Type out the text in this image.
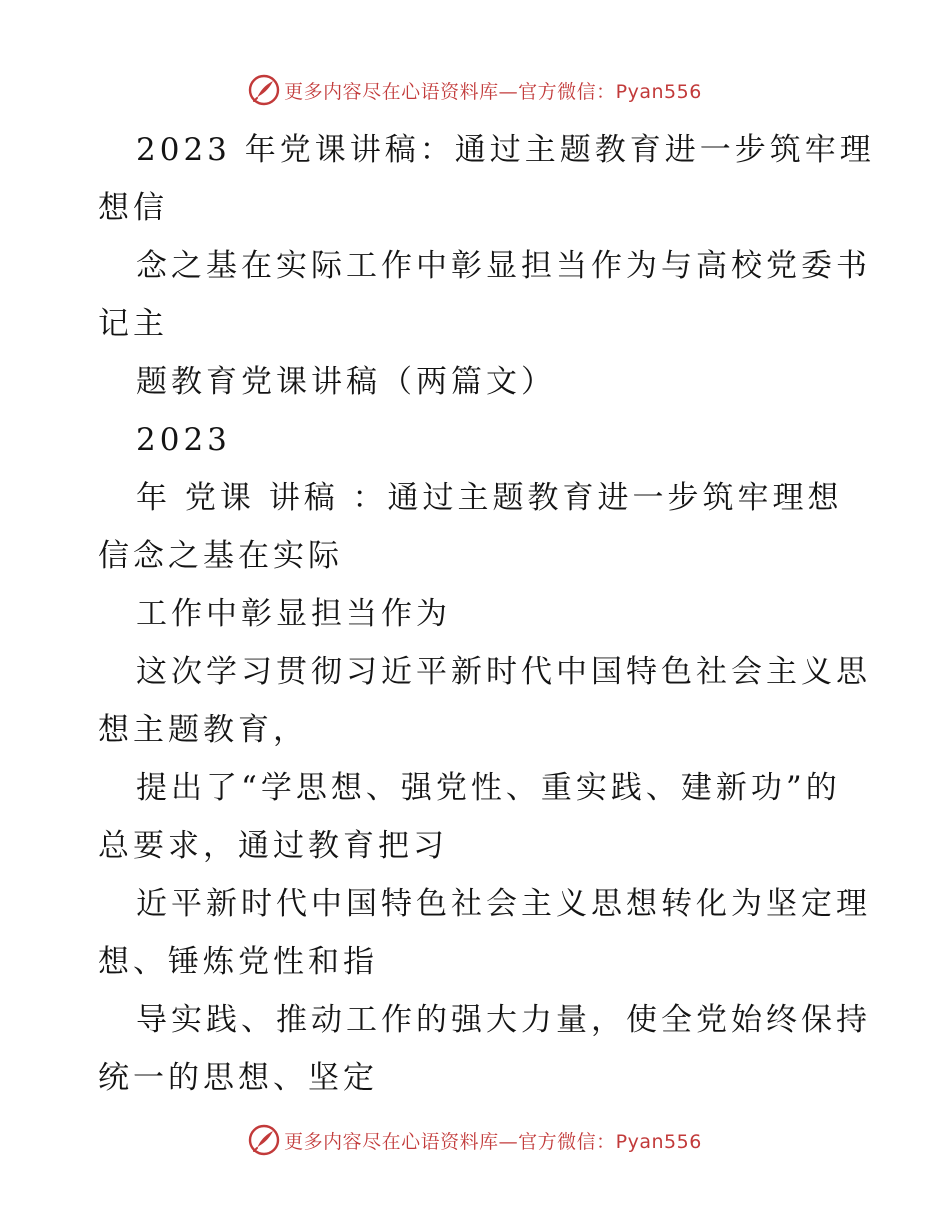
更多内容尽在心语资料库—官方微信：Pyan556
2023 年党课讲稿：通过主题教育进一步筑牢理
想信
念之基在实际工作中彰显担当作为与高校党委书
记主
题教育党课讲稿（两篇文）
2023
年 党课 讲稿 ：通过主题教育进一步筑牢理想
信念之基在实际
工作中彰显担当作为
这次学习贯彻习近平新时代中国特色社会主义思
想主题教育，
提出了“学思想、强党性、重实践、建新功”的
总要求，通过教育把习
近平新时代中国特色社会主义思想转化为坚定理
想、锤炼党性和指
导实践、推动工作的强大力量，使全党始终保持
统一的思想、坚定
更多内容尽在心语资料库—官方微信：Pyan556
